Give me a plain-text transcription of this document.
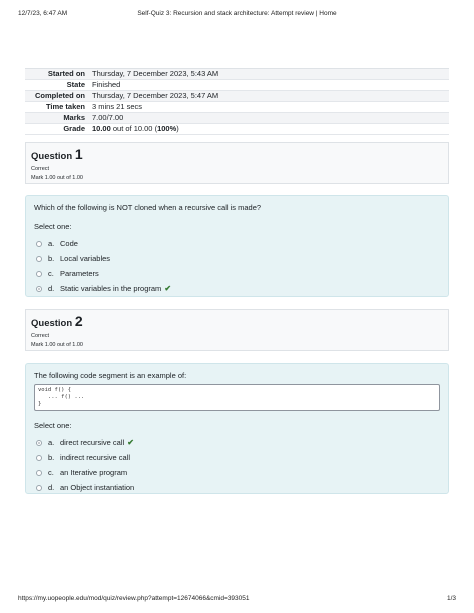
12/7/23, 6:47 AM	Self-Quiz 3: Recursion and stack architecture: Attempt review | Home
Started on Thursday, 7 December 2023, 5:43 AM
State Finished
Completed on Thursday, 7 December 2023, 5:47 AM
Time taken 3 mins 21 secs
Marks 7.00/7.00
Grade 10.00 out of 10.00 (100%)
Question 1
Correct
Mark 1.00 out of 1.00
Which of the following is NOT cloned when a recursive call is made?
Select one:
a. Code
b. Local variables
c. Parameters
d. Static variables in the program ✔
Question 2
Correct
Mark 1.00 out of 1.00
The following code segment is an example of:
void f() {
... f() ...
}
Select one:
a. direct recursive call ✔
b. indirect recursive call
c. an Iterative program
d. an Object instantiation
https://my.uopeople.edu/mod/quiz/review.php?attempt=12674066&cmid=393051	1/3
